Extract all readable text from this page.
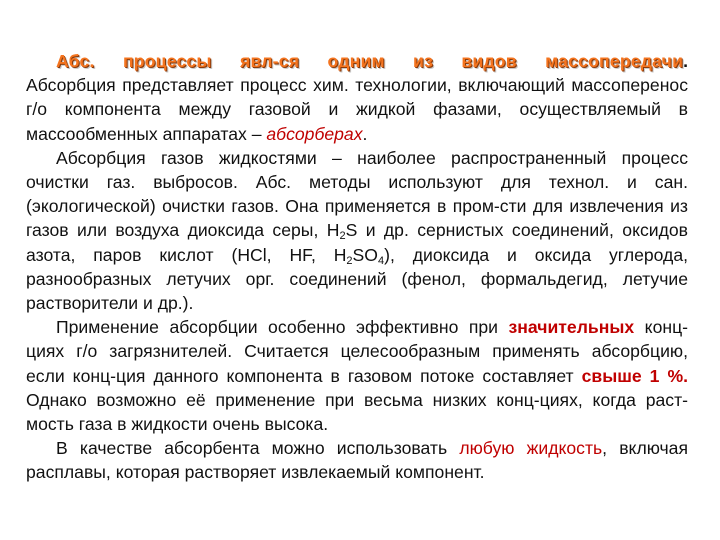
Абс. процессы явл-ся одним из видов массопередачи.
Абсорбция представляет процесс хим. технологии, включающий массоперенос г/о компонента между газовой и жидкой фазами, осуществляемый в массообменных аппаратах – абсорберах.

Абсорбция газов жидкостями – наиболее распространенный процесс очистки газ. выбросов. Абс. методы используют для технол. и сан. (экологической) очистки газов. Она применяется в пром-сти для извлечения из газов или воздуха диоксида серы, $H_2S$ и др. сернистых соединений, оксидов азота, паров кислот (HCl, HF, $H_2SO_4$), диоксида и оксида углерода, разнообразных летучих орг. соединений (фенол, формальдегид, летучие растворители и др.).

Применение абсорбции особенно эффективно при значительных конц-циях г/о загрязнителей. Считается целесообразным применять абсорбцию, если конц-ция данного компонента в газовом потоке составляет свыше 1 %. Однако возможно её применение при весьма низких конц-циях, когда раст-мость газа в жидкости очень высока.

В качестве абсорбента можно использовать любую жидкость, включая расплавы, которая растворяет извлекаемый компонент.
